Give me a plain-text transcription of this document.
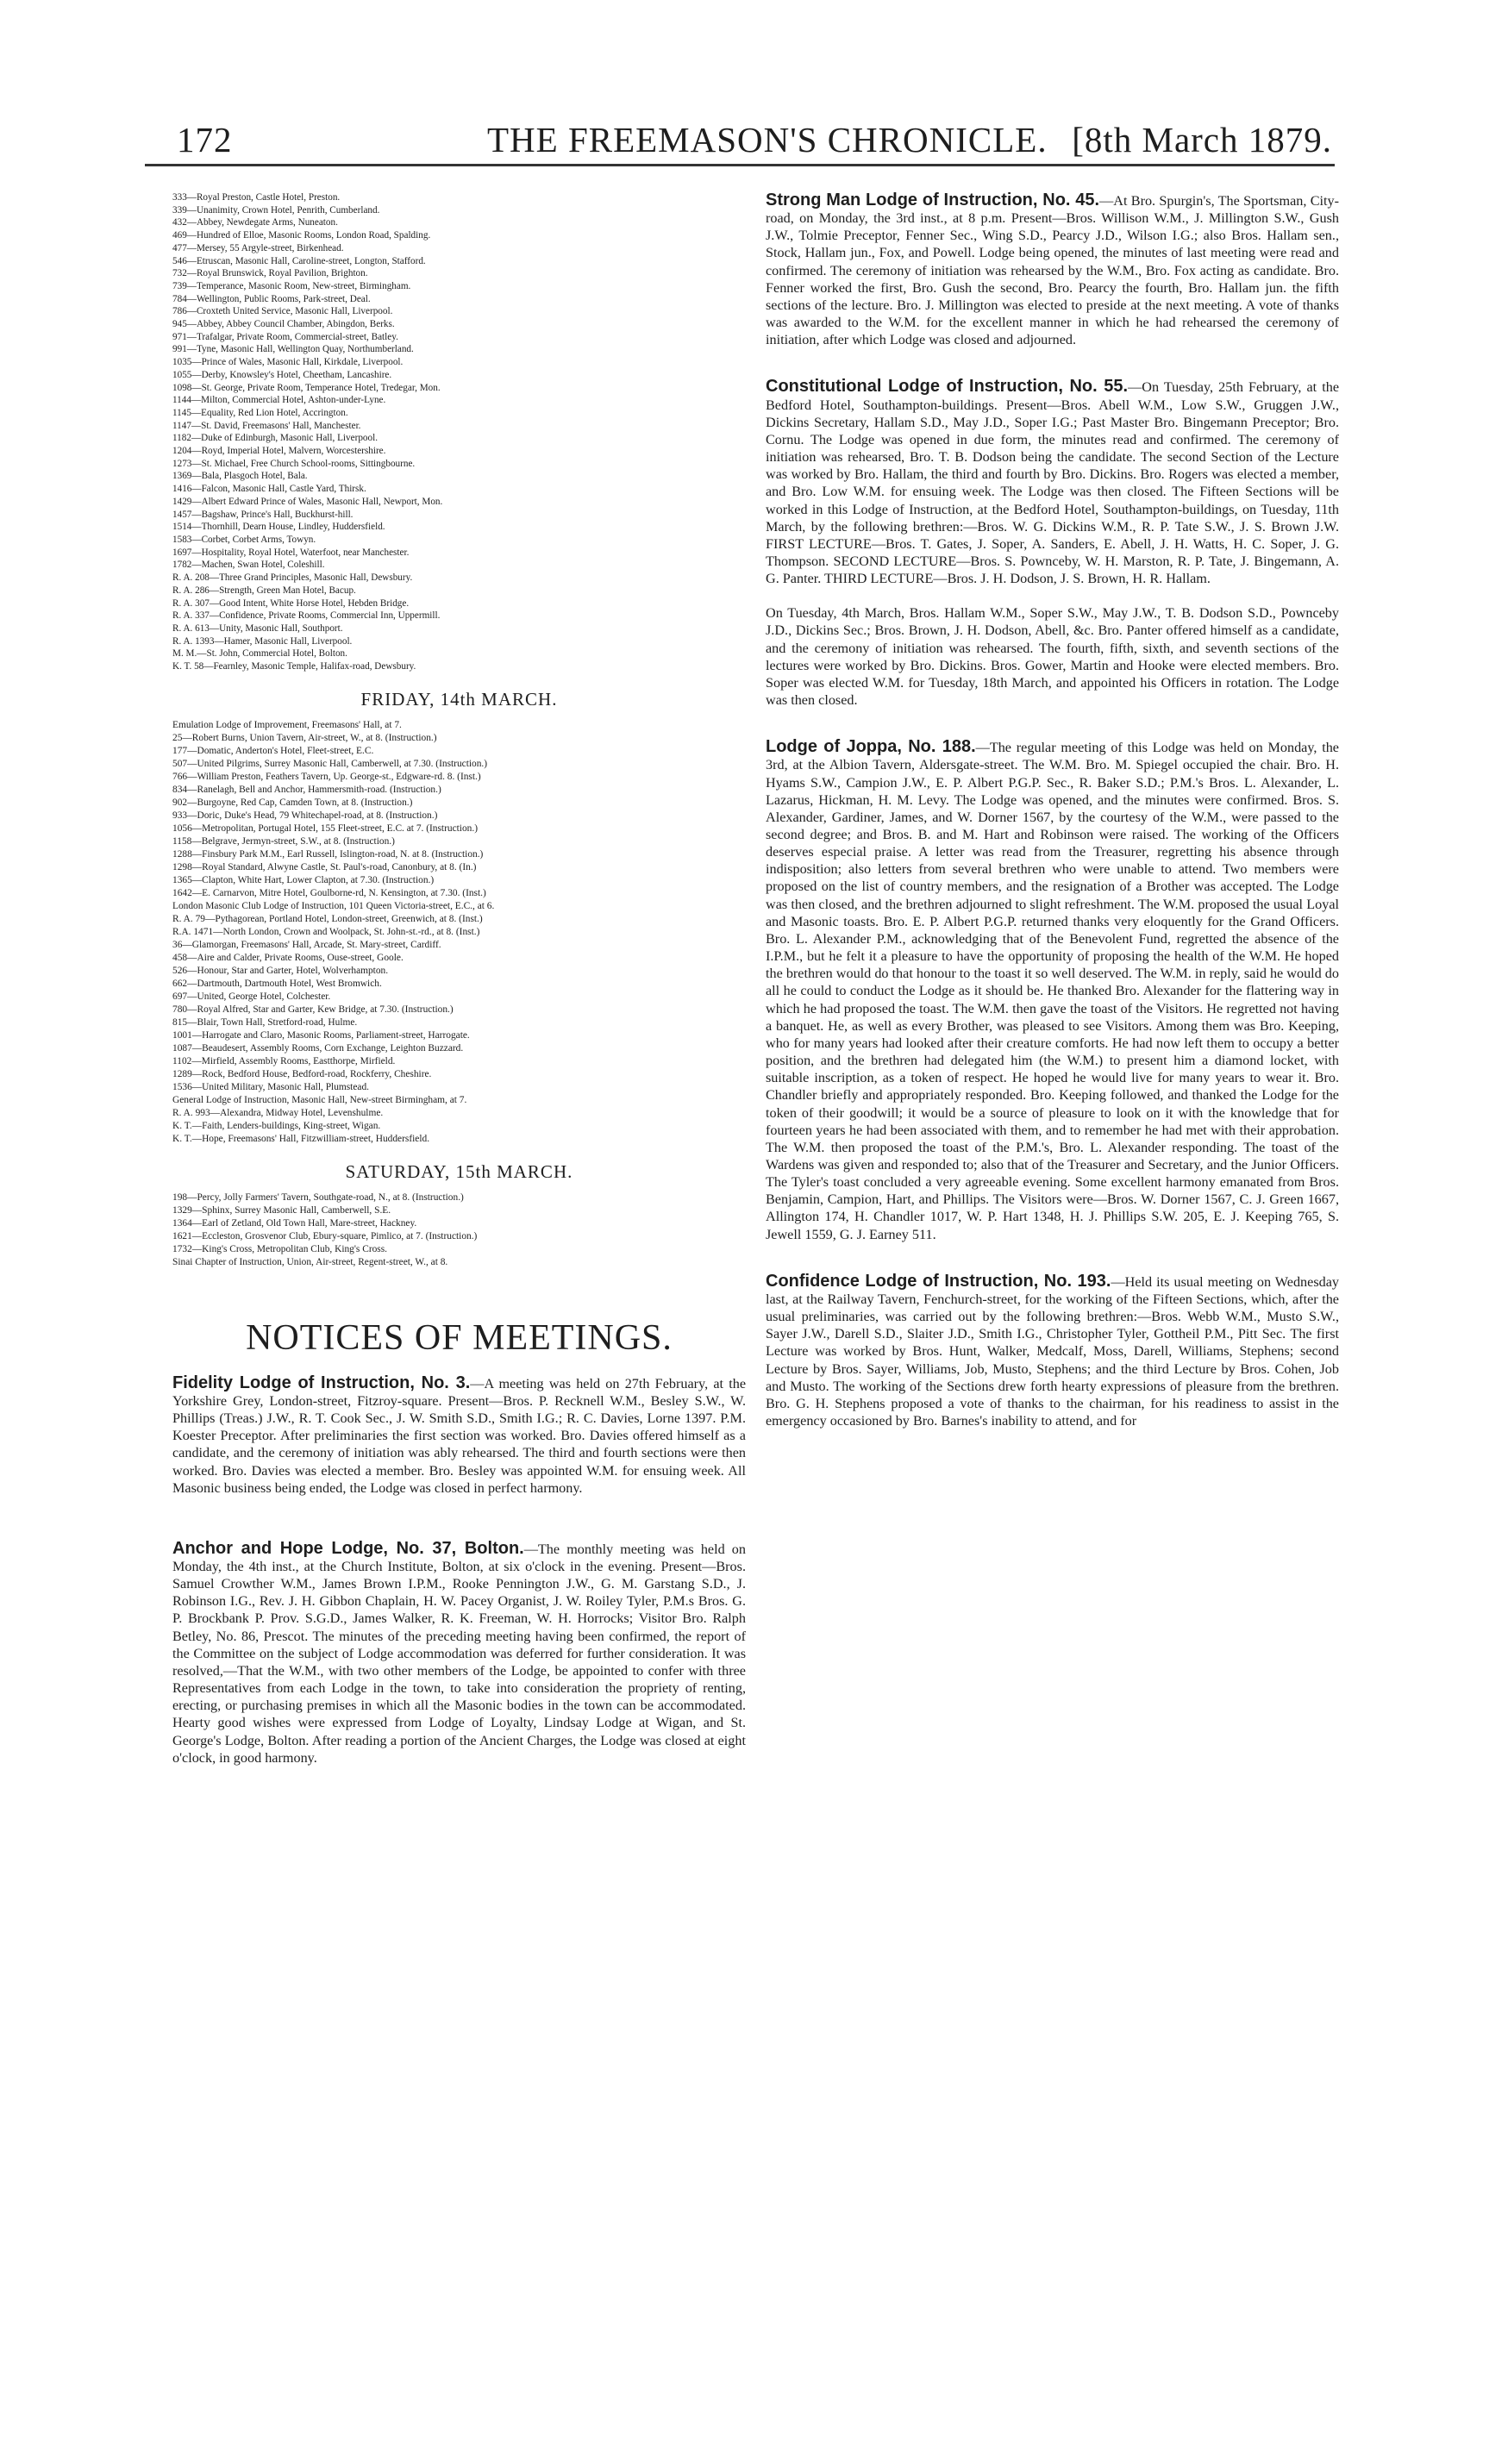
172	THE FREEMASON'S CHRONICLE. [8th March 1879.
333—Royal Preston, Castle Hotel, Preston.
339—Unanimity, Crown Hotel, Penrith, Cumberland.
432—Abbey, Newdegate Arms, Nuneaton.
469—Hundred of Elloe, Masonic Rooms, London Road, Spalding.
477—Mersey, 55 Argyle-street, Birkenhead.
546—Etruscan, Masonic Hall, Caroline-street, Longton, Stafford.
732—Royal Brunswick, Royal Pavilion, Brighton.
739—Temperance, Masonic Room, New-street, Birmingham.
784—Wellington, Public Rooms, Park-street, Deal.
786—Croxteth United Service, Masonic Hall, Liverpool.
945—Abbey, Abbey Council Chamber, Abingdon, Berks.
971—Trafalgar, Private Room, Commercial-street, Batley.
991—Tyne, Masonic Hall, Wellington Quay, Northumberland.
1035—Prince of Wales, Masonic Hall, Kirkdale, Liverpool.
1055—Derby, Knowsley's Hotel, Cheetham, Lancashire.
1098—St. George, Private Room, Temperance Hotel, Tredegar, Mon.
1144—Milton, Commercial Hotel, Ashton-under-Lyne.
1145—Equality, Red Lion Hotel, Accrington.
1147—St. David, Freemasons' Hall, Manchester.
1182—Duke of Edinburgh, Masonic Hall, Liverpool.
1204—Royd, Imperial Hotel, Malvern, Worcestershire.
1273—St. Michael, Free Church School-rooms, Sittingbourne.
1369—Bala, Plasgoch Hotel, Bala.
1416—Falcon, Masonic Hall, Castle Yard, Thirsk.
1429—Albert Edward Prince of Wales, Masonic Hall, Newport, Mon.
1457—Bagshaw, Prince's Hall, Buckhurst-hill.
1514—Thornhill, Dearn House, Lindley, Huddersfield.
1583—Corbet, Corbet Arms, Towyn.
1697—Hospitality, Royal Hotel, Waterfoot, near Manchester.
1782—Machen, Swan Hotel, Coleshill.
R. A. 208—Three Grand Principles, Masonic Hall, Dewsbury.
R. A. 286—Strength, Green Man Hotel, Bacup.
R. A. 307—Good Intent, White Horse Hotel, Hebden Bridge.
R. A. 337—Confidence, Private Rooms, Commercial Inn, Uppermill.
R. A. 613—Unity, Masonic Hall, Southport.
R. A. 1393—Hamer, Masonic Hall, Liverpool.
M. M.—St. John, Commercial Hotel, Bolton.
K. T. 58—Fearnley, Masonic Temple, Halifax-road, Dewsbury.
FRIDAY, 14th MARCH.
Emulation Lodge of Improvement, Freemasons' Hall, at 7.
25—Robert Burns, Union Tavern, Air-street, W., at 8. (Instruction.)
177—Domatic, Anderton's Hotel, Fleet-street, E.C.
507—United Pilgrims, Surrey Masonic Hall, Camberwell, at 7.30. (Instruction.)
766—William Preston, Feathers Tavern, Up. George-st., Edgware-rd. 8. (Inst.)
834—Ranelagh, Bell and Anchor, Hammersmith-road. (Instruction.)
902—Burgoyne, Red Cap, Camden Town, at 8. (Instruction.)
933—Doric, Duke's Head, 79 Whitechapel-road, at 8. (Instruction.)
1056—Metropolitan, Portugal Hotel, 155 Fleet-street, E.C. at 7. (Instruction.)
1158—Belgrave, Jermyn-street, S.W., at 8. (Instruction.)
1288—Finsbury Park M.M., Earl Russell, Islington-road, N. at 8. (Instruction.)
1298—Royal Standard, Alwyne Castle, St. Paul's-road, Canonbury, at 8. (In.)
1365—Clapton, White Hart, Lower Clapton, at 7.30. (Instruction.)
1642—E. Carnarvon, Mitre Hotel, Goulborne-rd, N. Kensington, at 7.30. (Inst.)
London Masonic Club Lodge of Instruction, 101 Queen Victoria-street, E.C., at 6.
R. A. 79—Pythagorean, Portland Hotel, London-street, Greenwich, at 8. (Inst.)
R.A. 1471—North London, Crown and Woolpack, St. John-st.-rd., at 8. (Inst.)
36—Glamorgan, Freemasons' Hall, Arcade, St. Mary-street, Cardiff.
458—Aire and Calder, Private Rooms, Ouse-street, Goole.
526—Honour, Star and Garter, Hotel, Wolverhampton.
662—Dartmouth, Dartmouth Hotel, West Bromwich.
697—United, George Hotel, Colchester.
780—Royal Alfred, Star and Garter, Kew Bridge, at 7.30. (Instruction.)
815—Blair, Town Hall, Stretford-road, Hulme.
1001—Harrogate and Claro, Masonic Rooms, Parliament-street, Harrogate.
1087—Beaudesert, Assembly Rooms, Corn Exchange, Leighton Buzzard.
1102—Mirfield, Assembly Rooms, Eastthorpe, Mirfield.
1289—Rock, Bedford House, Bedford-road, Rockferry, Cheshire.
1536—United Military, Masonic Hall, Plumstead.
General Lodge of Instruction, Masonic Hall, New-street Birmingham, at 7.
R. A. 993—Alexandra, Midway Hotel, Levenshulme.
K. T.—Faith, Lenders-buildings, King-street, Wigan.
K. T.—Hope, Freemasons' Hall, Fitzwilliam-street, Huddersfield.
SATURDAY, 15th MARCH.
198—Percy, Jolly Farmers' Tavern, Southgate-road, N., at 8. (Instruction.)
1329—Sphinx, Surrey Masonic Hall, Camberwell, S.E.
1364—Earl of Zetland, Old Town Hall, Mare-street, Hackney.
1621—Eccleston, Grosvenor Club, Ebury-square, Pimlico, at 7. (Instruction.)
1732—King's Cross, Metropolitan Club, King's Cross.
Sinai Chapter of Instruction, Union, Air-street, Regent-street, W., at 8.
NOTICES OF MEETINGS.

Fidelity Lodge of Instruction, No. 3.—A meeting was held on 27th February, at the Yorkshire Grey, London-street, Fitzroy-square. Present—Bros. P. Recknell W.M., Besley S.W., W. Phillips (Treas.) J.W., R. T. Cook Sec., J. W. Smith S.D., Smith I.G.; R. C. Davies, Lorne 1397. P.M. Koester Preceptor. After preliminaries the first section was worked. Bro. Davies offered himself as a candidate, and the ceremony of initiation was ably rehearsed. The third and fourth sections were then worked. Bro. Davies was elected a member. Bro. Besley was appointed W.M. for ensuing week. All Masonic business being ended, the Lodge was closed in perfect harmony.

Anchor and Hope Lodge, No. 37, Bolton.—The monthly meeting was held on Monday, the 4th inst., at the Church Institute, Bolton, at six o'clock in the evening. Present—Bros. Samuel Crowther W.M., James Brown I.P.M., Rooke Pennington J.W., G. M. Garstang S.D., J. Robinson I.G., Rev. J. H. Gibbon Chaplain, H. W. Pacey Organist, J. W. Roiley Tyler, P.M.s Bros. G. P. Brockbank P. Prov. S.G.D., James Walker, R. K. Freeman, W. H. Horrocks; Visitor Bro. Ralph Betley, No. 86, Prescot. The minutes of the preceding meeting having been confirmed, the report of the Committee on the subject of Lodge accommodation was deferred for further consideration. It was resolved,—That the W.M., with two other members of the Lodge, be appointed to confer with three Representatives from each Lodge in the town, to take into consideration the propriety of renting, erecting, or purchasing premises in which all the Masonic bodies in the town can be accommodated. Hearty good wishes were expressed from Lodge of Loyalty, Lindsay Lodge at Wigan, and St. George's Lodge, Bolton. After reading a portion of the Ancient Charges, the Lodge was closed at eight o'clock, in good harmony.

Strong Man Lodge of Instruction, No. 45.—At Bro. Spurgin's, The Sportsman, City-road, on Monday, the 3rd inst., at 8 p.m. Present—Bros. Willison W.M., J. Millington S.W., Gush J.W., Tolmie Preceptor, Fenner Sec., Wing S.D., Pearcy J.D., Wilson I.G.; also Bros. Hallam sen., Stock, Hallam jun., Fox, and Powell. Lodge being opened, the minutes of last meeting were read and confirmed. The ceremony of initiation was rehearsed by the W.M., Bro. Fox acting as candidate. Bro. Fenner worked the first, Bro. Gush the second, Bro. Pearcy the fourth, Bro. Hallam jun. the fifth sections of the lecture. Bro. J. Millington was elected to preside at the next meeting. A vote of thanks was awarded to the W.M. for the excellent manner in which he had rehearsed the ceremony of initiation, after which Lodge was closed and adjourned.

Constitutional Lodge of Instruction, No. 55.—On Tuesday, 25th February, at the Bedford Hotel, Southampton-buildings. Present—Bros. Abell W.M., Low S.W., Gruggen J.W., Dickins Secretary, Hallam S.D., May J.D., Soper I.G.; Past Master Bro. Bingemann Preceptor; Bro. Cornu. The Lodge was opened in due form, the minutes read and confirmed. The ceremony of initiation was rehearsed, Bro. T. B. Dodson being the candidate. The second Section of the Lecture was worked by Bro. Hallam, the third and fourth by Bro. Dickins. Bro. Rogers was elected a member, and Bro. Low W.M. for ensuing week. The Lodge was then closed. The Fifteen Sections will be worked in this Lodge of Instruction, at the Bedford Hotel, Southampton-buildings, on Tuesday, 11th March, by the following brethren:—Bros. W. G. Dickins W.M., R. P. Tate S.W., J. S. Brown J.W. FIRST LECTURE—Bros. T. Gates, J. Soper, A. Sanders, E. Abell, J. H. Watts, H. C. Soper, J. G. Thompson. SECOND LECTURE—Bros. S. Powncebу, W. H. Marston, R. P. Tate, J. Bingemann, A. G. Panter. THIRD LECTURE—Bros. J. H. Dodson, J. S. Brown, H. R. Hallam.

On Tuesday, 4th March, Bros. Hallam W.M., Soper S.W., May J.W., T. B. Dodson S.D., Powncebу J.D., Dickins Sec.; Bros. Brown, J. H. Dodson, Abell, &c. Bro. Panter offered himself as a candidate, and the ceremony of initiation was rehearsed. The fourth, fifth, sixth, and seventh sections of the lectures were worked by Bro. Dickins. Bros. Gower, Martin and Hooke were elected members. Bro. Soper was elected W.M. for Tuesday, 18th March, and appointed his Officers in rotation. The Lodge was then closed.

Lodge of Joppa, No. 188.—The regular meeting of this Lodge was held on Monday, the 3rd, at the Albion Tavern, Aldersgate-street. The W.M. Bro. M. Spiegel occupied the chair. Bro. H. Hyams S.W., Campion J.W., E. P. Albert P.G.P. Sec., R. Baker S.D.; P.M.'s Bros. L. Alexander, L. Lazarus, Hickman, H. M. Levy. The Lodge was opened, and the minutes were confirmed. Bros. S. Alexander, Gardiner, James, and W. Dorner 1567, by the courtesy of the W.M., were passed to the second degree; and Bros. B. and M. Hart and Robinson were raised. The working of the Officers deserves especial praise. A letter was read from the Treasurer, regretting his absence through indisposition; also letters from several brethren who were unable to attend. Two members were proposed on the list of country members, and the resignation of a Brother was accepted. The Lodge was then closed, and the brethren adjourned to slight refreshment. The W.M. proposed the usual Loyal and Masonic toasts. Bro. E. P. Albert P.G.P. returned thanks very eloquently for the Grand Officers. Bro. L. Alexander P.M., acknowledging that of the Benevolent Fund, regretted the absence of the I.P.M., but he felt it a pleasure to have the opportunity of proposing the health of the W.M. He hoped the brethren would do that honour to the toast it so well deserved. The W.M. in reply, said he would do all he could to conduct the Lodge as it should be. He thanked Bro. Alexander for the flattering way in which he had proposed the toast. The W.M. then gave the toast of the Visitors. He regretted not having a banquet. He, as well as every Brother, was pleased to see Visitors. Among them was Bro. Keeping, who for many years had looked after their creature comforts. He had now left them to occupy a better position, and the brethren had delegated him (the W.M.) to present him a diamond locket, with suitable inscription, as a token of respect. He hoped he would live for many years to wear it. Bro. Chandler briefly and appropriately responded. Bro. Keeping followed, and thanked the Lodge for the token of their goodwill; it would be a source of pleasure to look on it with the knowledge that for fourteen years he had been associated with them, and to remember he had met with their approbation. The W.M. then proposed the toast of the P.M.'s, Bro. L. Alexander responding. The toast of the Wardens was given and responded to; also that of the Treasurer and Secretary, and the Junior Officers. The Tyler's toast concluded a very agreeable evening. Some excellent harmony emanated from Bros. Benjamin, Campion, Hart, and Phillips. The Visitors were—Bros. W. Dorner 1567, C. J. Green 1667, Allington 174, H. Chandler 1017, W. P. Hart 1348, H. J. Phillips S.W. 205, E. J. Keeping 765, S. Jewell 1559, G. J. Earney 511.

Confidence Lodge of Instruction, No. 193.—Held its usual meeting on Wednesday last, at the Railway Tavern, Fenchurch-street, for the working of the Fifteen Sections, which, after the usual preliminaries, was carried out by the following brethren:—Bros. Webb W.M., Musto S.W., Sayer J.W., Darell S.D., Slaiter J.D., Smith I.G., Christopher Tyler, Gottheil P.M., Pitt Sec. The first Lecture was worked by Bros. Hunt, Walker, Medcalf, Moss, Darell, Williams, Stephens; second Lecture by Bros. Sayer, Williams, Job, Musto, Stephens; and the third Lecture by Bros. Cohen, Job and Musto. The working of the Sections drew forth hearty expressions of pleasure from the brethren. Bro. G. H. Stephens proposed a vote of thanks to the chairman, for his readiness to assist in the emergency occasioned by Bro. Barnes's inability to attend, and for
